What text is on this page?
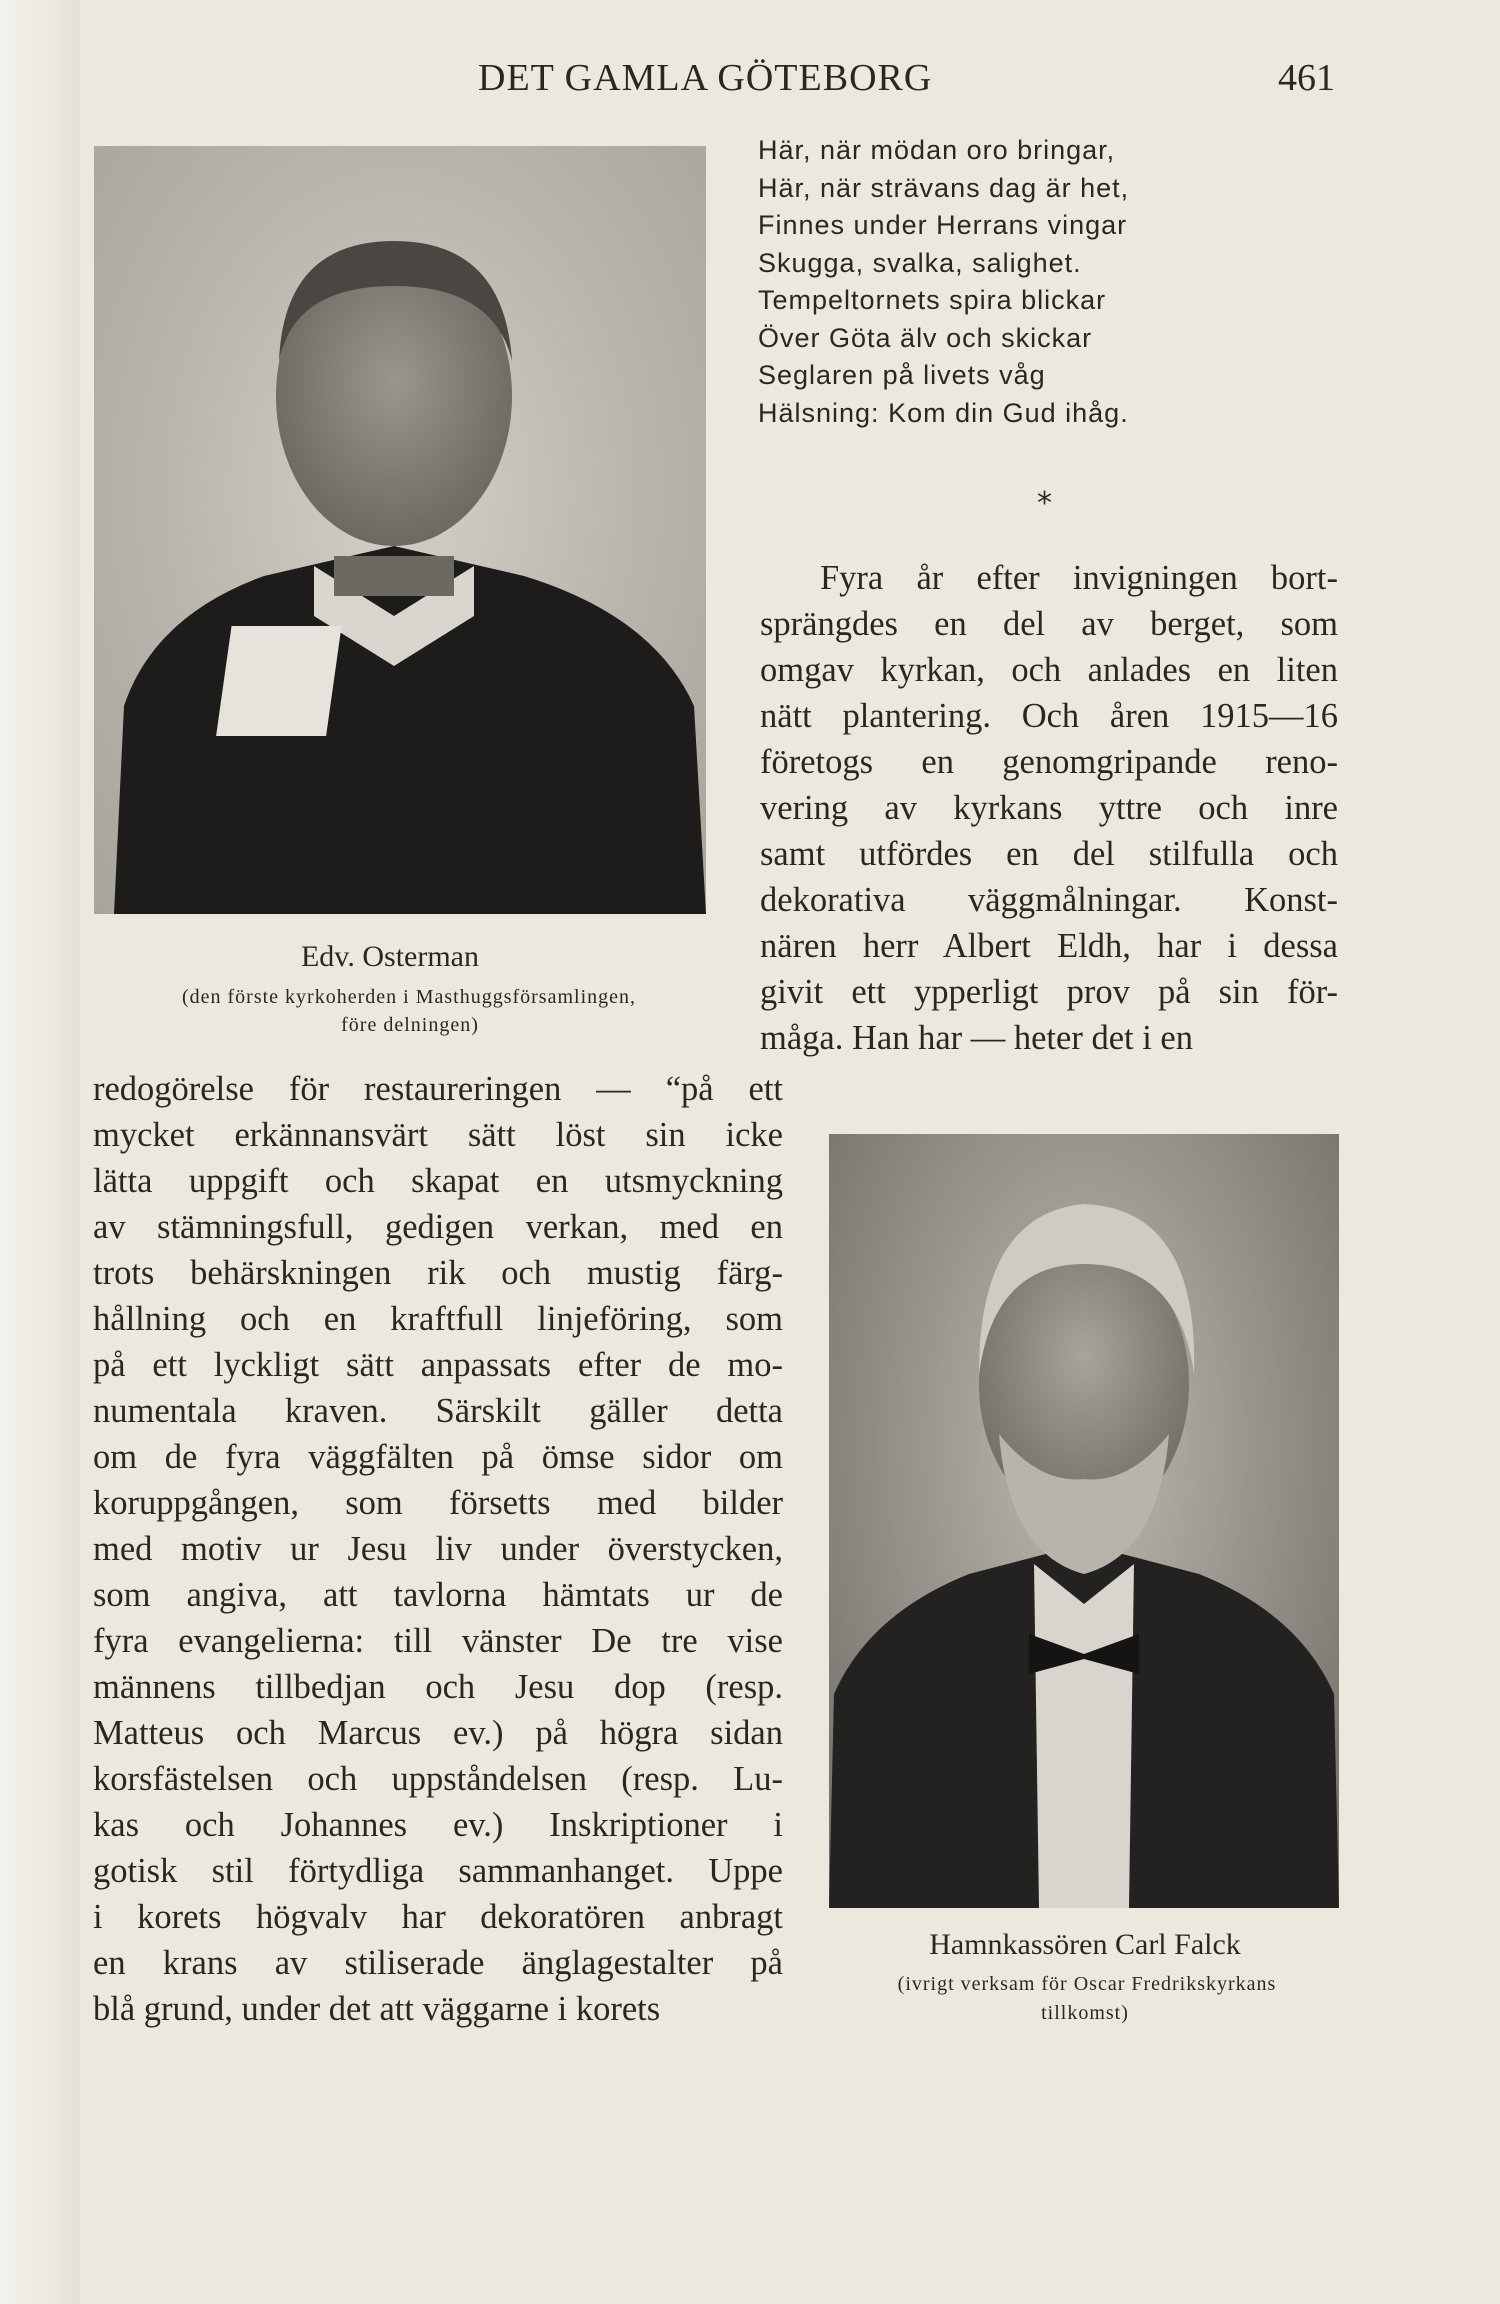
DET GAMLA GÖTEBORG	461
Edv. Osterman
(den förste kyrkoherden i Masthuggsförsamlingen,
före delningen)
Här, när mödan oro bringar,
Här, när strävans dag är het,
Finnes under Herrans vingar
Skugga, svalka, salighet.
Tempeltornets spira blickar
Över Göta älv och skickar
Seglaren på livets våg
Hälsning: Kom din Gud ihåg.
*
Fyra år efter invigningen bort-
sprängdes en del av berget, som
omgav kyrkan, och anlades en liten
nätt plantering. Och åren 1915—16
företogs en genomgripande reno-
vering av kyrkans yttre och inre
samt utfördes en del stilfulla och
dekorativa väggmålningar. Konst-
nären herr Albert Eldh, har i dessa
givit ett ypperligt prov på sin för-
måga. Han har — heter det i en
redogörelse för restaureringen — “på ett
mycket erkännansvärt sätt löst sin icke
lätta uppgift och skapat en utsmyckning
av stämningsfull, gedigen verkan, med en
trots behärskningen rik och mustig färg-
hållning och en kraftfull linjeföring, som
på ett lyckligt sätt anpassats efter de mo-
numentala kraven. Särskilt gäller detta
om de fyra väggfälten på ömse sidor om
koruppgången, som försetts med bilder
med motiv ur Jesu liv under överstycken,
som angiva, att tavlorna hämtats ur de
fyra evangelierna: till vänster De tre vise
männens tillbedjan och Jesu dop (resp.
Matteus och Marcus ev.) på högra sidan
korsfästelsen och uppståndelsen (resp. Lu-
kas och Johannes ev.) Inskriptioner i
gotisk stil förtydliga sammanhanget. Uppe
i korets högvalv har dekoratören anbragt
en krans av stiliserade änglagestalter på
blå grund, under det att väggarne i korets
Hamnkassören Carl Falck
(ivrigt verksam för Oscar Fredrikskyrkans
tillkomst)
